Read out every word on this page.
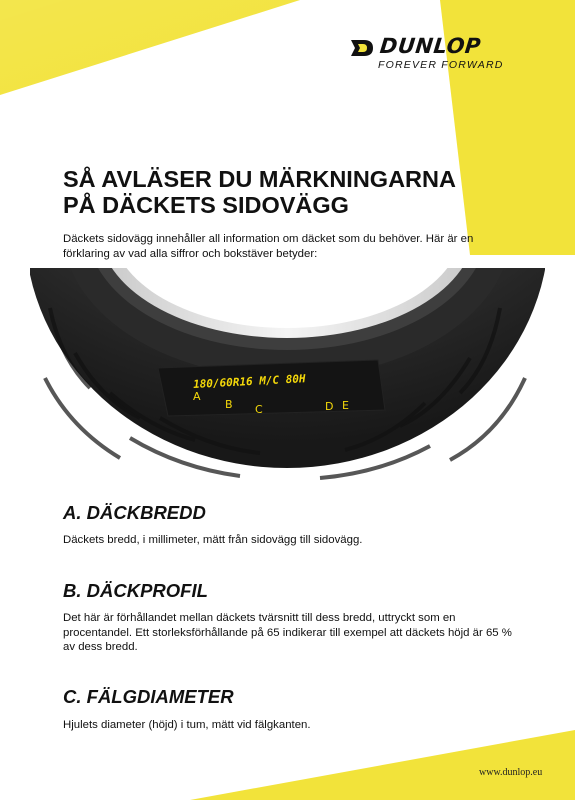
DUNLOP
FOREVER FORWARD
SÅ AVLÄSER DU MÄRKNINGARNA
PÅ DÄCKETS SIDOVÄGG

Däckets sidovägg innehåller all information om däcket som du behöver. Här är en förklaring av vad alla siffror och bokstäver betyder:

180/60R16 M/C 80H
A
B C	D E
A. DÄCKBREDD

Däckets bredd, i millimeter, mätt från sidovägg till sidovägg.

B. DÄCKPROFIL

Det här är förhållandet mellan däckets tvärsnitt till dess bredd, uttryckt som en procentandel. Ett storleksförhållande på 65 indikerar till exempel att däckets höjd är 65 % av dess bredd.

C. FÄLGDIAMETER

Hjulets diameter (höjd) i tum, mätt vid fälgkanten.

www.dunlop.eu
